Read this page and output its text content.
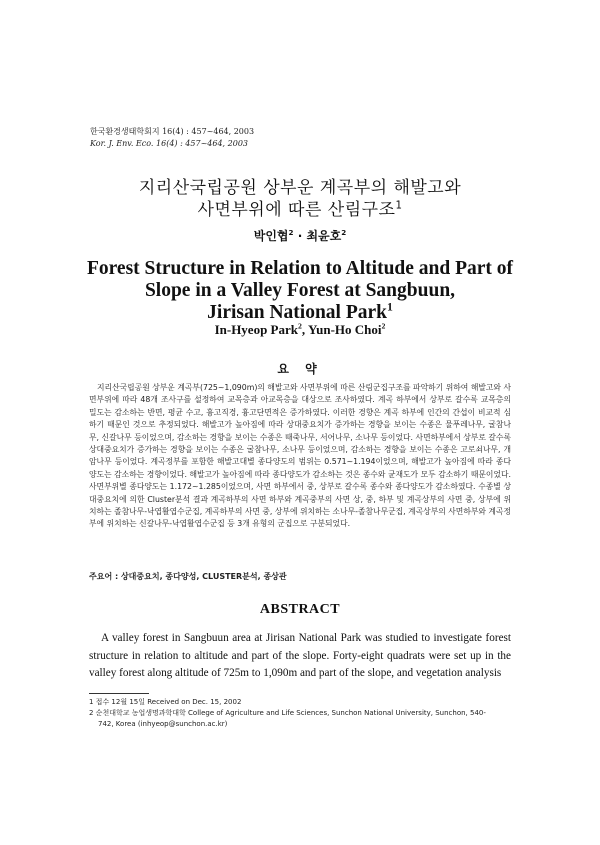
한국환경생태학회지 16(4) : 457~464, 2003
Kor. J. Env. Eco. 16(4) : 457~464, 2003
지리산국립공원 상부운 계곡부의 해발고와
사면부위에 따른 산림구조$^1$
박인협$^2$ · 최윤호$^2$
Forest Structure in Relation to Altitude and Part of
Slope in a Valley Forest at Sangbuun,
Jirisan National Park$^1$
In-Hyeop Park$^2$, Yun-Ho Choi$^2$
요 약

지리산국립공원 상부운 계곡부(725~1,090m)의 해발고와 사면부위에 따른 산림군집구조를 파악하기 위하여 해발고와 사면부위에 따라 48개 조사구를 설정하여 교목층과 아교목층을 대상으로 조사하였다. 계곡 하부에서 상부로 갈수록 교목층의 밀도는 감소하는 반면, 평균 수고, 흉고직경, 흉고단면적은 증가하였다. 이러한 경향은 계곡 하부에 인간의 간섭이 비교적 심하기 때문인 것으로 추정되었다. 해발고가 높아짐에 따라 상대중요치가 증가하는 경향을 보이는 수종은 물푸레나무, 굴참나무, 신갈나무 등이었으며, 감소하는 경향을 보이는 수종은 때죽나무, 서어나무, 소나무 등이었다. 사면하부에서 상부로 갈수록 상대중요치가 증가하는 경향을 보이는 수종은 굴참나무, 소나무 등이었으며, 감소하는 경향을 보이는 수종은 고로쇠나무, 개암나무 등이었다. 계곡정부를 포함한 해발고대별 종다양도의 범위는 0.571~1.194이었으며, 해발고가 높아짐에 따라 종다양도는 감소하는 경향이었다. 해발고가 높아짐에 따라 종다양도가 감소하는 것은 종수와 균재도가 모두 감소하기 때문이었다. 사면부위별 종다양도는 1.172~1.285이었으며, 사면 하부에서 중, 상부로 갈수록 종수와 종다양도가 감소하였다. 수종별 상대중요치에 의한 Cluster분석 결과 계곡하부의 사면 하부와 계곡중부의 사면 상, 중, 하부 및 계곡상부의 사면 중, 상부에 위치하는 졸참나무-낙엽활엽수군집, 계곡하부의 사면 중, 상부에 위치하는 소나무-졸참나무군집, 계곡상부의 사면하부와 계곡정부에 위치하는 신갈나무-낙엽활엽수군집 등 3개 유형의 군집으로 구분되었다.

주요어 : 상대중요치, 종다양성, CLUSTER분석, 종상관
ABSTRACT

A valley forest in Sangbuun area at Jirisan National Park was studied to investigate forest structure in relation to altitude and part of the slope. Forty-eight quadrats were set up in the valley forest along altitude of 725m to 1,090m and part of the slope, and vegetation analysis

1 접수 12월 15일 Received on Dec. 15, 2002
2 순천대학교 농업생명과학대학 College of Agriculture and Life Sciences, Sunchon National University, Sunchon, 540-
742, Korea (inhyeop@sunchon.ac.kr)
